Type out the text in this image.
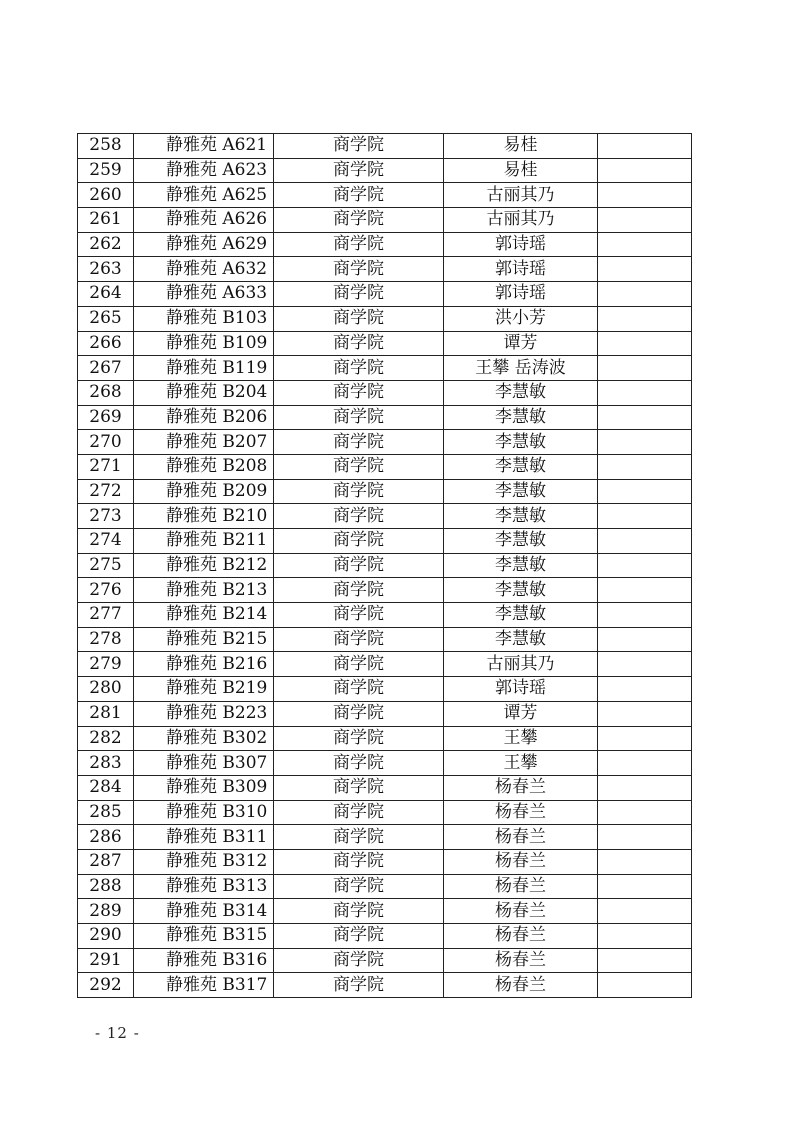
258	静雅苑 A621	商学院	易桂	
259	静雅苑 A623	商学院	易桂	
260	静雅苑 A625	商学院	古丽其乃	
261	静雅苑 A626	商学院	古丽其乃	
262	静雅苑 A629	商学院	郭诗瑶	
263	静雅苑 A632	商学院	郭诗瑶	
264	静雅苑 A633	商学院	郭诗瑶	
265	静雅苑 B103	商学院	洪小芳	
266	静雅苑 B109	商学院	谭芳	
267	静雅苑 B119	商学院	王攀 岳涛波	
268	静雅苑 B204	商学院	李慧敏	
269	静雅苑 B206	商学院	李慧敏	
270	静雅苑 B207	商学院	李慧敏	
271	静雅苑 B208	商学院	李慧敏	
272	静雅苑 B209	商学院	李慧敏	
273	静雅苑 B210	商学院	李慧敏	
274	静雅苑 B211	商学院	李慧敏	
275	静雅苑 B212	商学院	李慧敏	
276	静雅苑 B213	商学院	李慧敏	
277	静雅苑 B214	商学院	李慧敏	
278	静雅苑 B215	商学院	李慧敏	
279	静雅苑 B216	商学院	古丽其乃	
280	静雅苑 B219	商学院	郭诗瑶	
281	静雅苑 B223	商学院	谭芳	
282	静雅苑 B302	商学院	王攀	
283	静雅苑 B307	商学院	王攀	
284	静雅苑 B309	商学院	杨春兰	
285	静雅苑 B310	商学院	杨春兰	
286	静雅苑 B311	商学院	杨春兰	
287	静雅苑 B312	商学院	杨春兰	
288	静雅苑 B313	商学院	杨春兰	
289	静雅苑 B314	商学院	杨春兰	
290	静雅苑 B315	商学院	杨春兰	
291	静雅苑 B316	商学院	杨春兰	
292	静雅苑 B317	商学院	杨春兰	
- 12 -
